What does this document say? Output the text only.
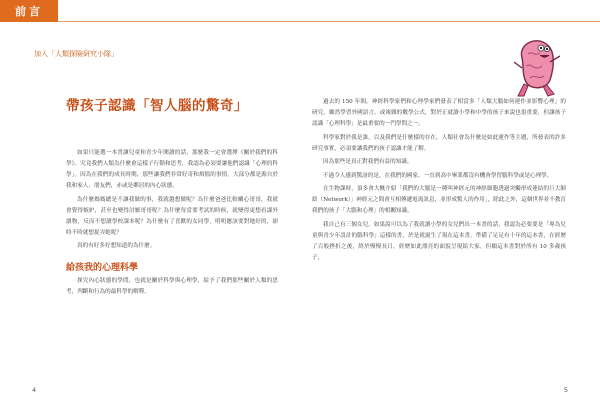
前言
加入「人類探險研究小隊」
帶孩子認識「智人腦的驚奇」

如果只能選一本書讓兒童和青少年閱讀的話，那麼我一定會選擇《關於我們的科學》。究竟我們人類為什麼會這樣子行動和思考，我認為必須要讓他們認識「心理的科學」。因為在我們的成長時期，那些讓我們非常好奇和煩惱的事情，大部分都是源自於我和家人、朋友們，赤或是鄰居的內心狀態。

為什麼媽媽總是不讓我做的事，我就越想做呢？為什麼爸爸比較關心哥哥，我就會覺得嫉妒，甚至也變得討厭哥哥呢？為什麼每當要考試的時候，就變得更想看課外讀物，反而不想讀學校課本呢？為什麼有了喜歡的女同學，明明應該要對她好的，卻時不時就想捉弄她呢？

真的有好多好想知道的為什麼。

給孩我的心理科學

探究內心狀態的學問，也就是關於科學與心理學，給予了我們那些關於人類的思考，判斷和行為的最科學的解釋。

過去的 150 年間，神經科學家們和心理學家們發表了相當多「人類大腦如何運作並影響心理」的研究，雖然學習外國語言、或複雜的數學公式，對於正就讀小學和中學的孩子來說也很重要，但讓孩子認識「心理科學」是最重要的一門學問之一。

科學家對於我是誰，以及我們是什麼樣的存在，人類社會為什麼是如此運作等主題，所發表的許多研究事實，必須要讓我們的孩子認識才能了解。

因為那些是真正對我們有益的知識。

不過令人感到驚訝的是，在我們的國家，一直到高中畢業都沒有機會學習腦科學或是心理學。

在生物課時，頂多會大概介紹「我們的大腦是一種叫神經元的神經細胞透過突觸形成連結的巨大網絡（Network）」神經元之間會互相傳遞電流訊息，並形成驚人的作用」，除此之外，這個世界並不教育我們的孩子「大腦和心理」的相關知識。

我自己有三個女兒。如果說可以為了我就讀小學的女兒們出一本書的話，我認為必要要是「專為兒童與青少年設計的腦科學」這樣的書，於是就誕生了現在這本書。準備了足足有十年的這本書，在經歷了百般挫折之後，終於慢慢長日，經歷如此漂亮的面貌呈現給大家。但願這本書對於所有 10 多歲孩子，

4	5
